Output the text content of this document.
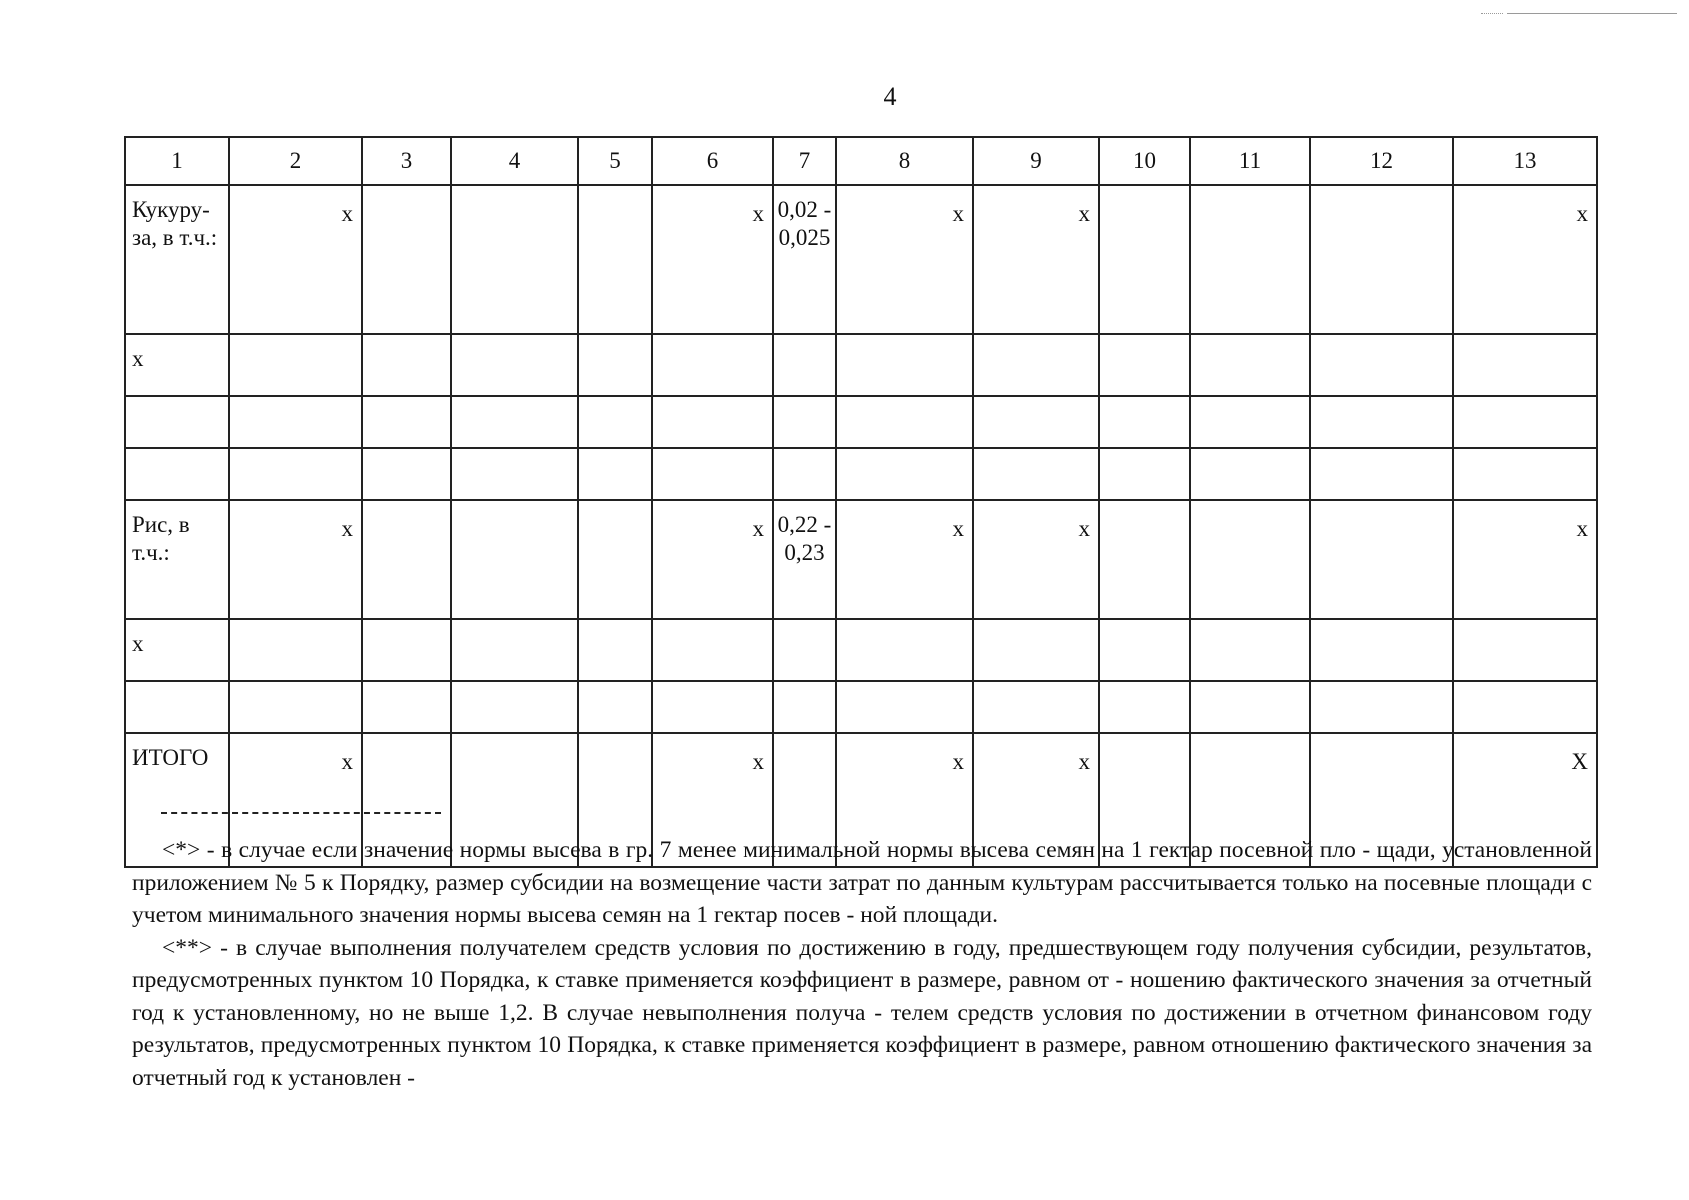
4
1	2	3	4	5	6	7	8	9	10	11	12	13
Кукуру-за, в т.ч.:	х				х	0,02 - 0,025	х	х				х
х												

Рис, в т.ч.:	х				х	0,22 - 0,23	х	х				х
х												

ИТОГО	х				х		х	х				Х

<*> - в случае если значение нормы высева в гр. 7 менее минимальной нормы высева семян на 1 гектар посевной пло - щади, установленной приложением № 5 к Порядку, размер субсидии на возмещение части затрат по данным культурам рассчитывается только на посевные площади с учетом минимального значения нормы высева семян на 1 гектар посев - ной площади.

<**> - в случае выполнения получателем средств условия по достижению в году, предшествующем году получения субсидии, результатов, предусмотренных пунктом 10 Порядка, к ставке применяется коэффициент в размере, равном от - ношению фактического значения за отчетный год к установленному, но не выше 1,2. В случае невыполнения получа - телем средств условия по достижении в отчетном финансовом году результатов, предусмотренных пунктом 10 Порядка, к ставке применяется коэффициент в размере, равном отношению фактического значения за отчетный год к установлен -
